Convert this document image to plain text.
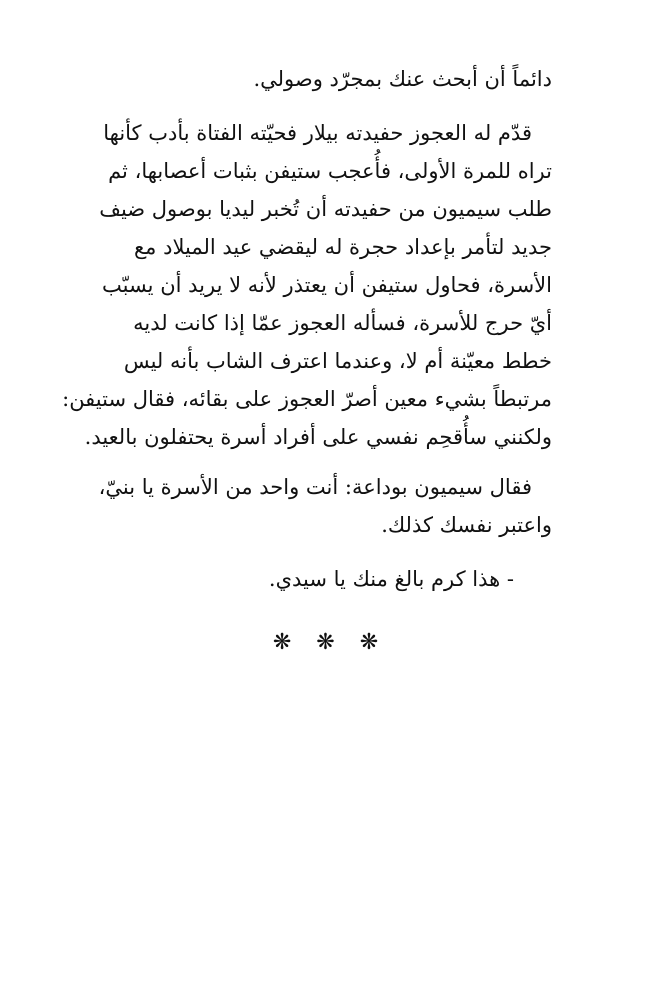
دائماً أن أبحث عنك بمجرّد وصولي.

قدّم له العجوز حفيدته بيلار فحيّته الفتاة بأدب كأنها
تراه للمرة الأولى، فأُعجب ستيفن بثبات أعصابها، ثم
طلب سيميون من حفيدته أن تُخبر ليديا بوصول ضيف
جديد لتأمر بإعداد حجرة له ليقضي عيد الميلاد مع
الأسرة، فحاول ستيفن أن يعتذر لأنه لا يريد أن يسبّب
أيّ حرج للأسرة، فسأله العجوز عمّا إذا كانت لديه
خطط معيّنة أم لا، وعندما اعترف الشاب بأنه ليس
مرتبطاً بشيء معين أصرّ العجوز على بقائه، فقال ستيفن:
ولكنني سأُقحِم نفسي على أفراد أسرة يحتفلون بالعيد.

فقال سيميون بوداعة: أنت واحد من الأسرة يا بنيّ،
واعتبر نفسك كذلك.

- هذا كرم بالغ منك يا سيدي.

❋ ❋ ❋
